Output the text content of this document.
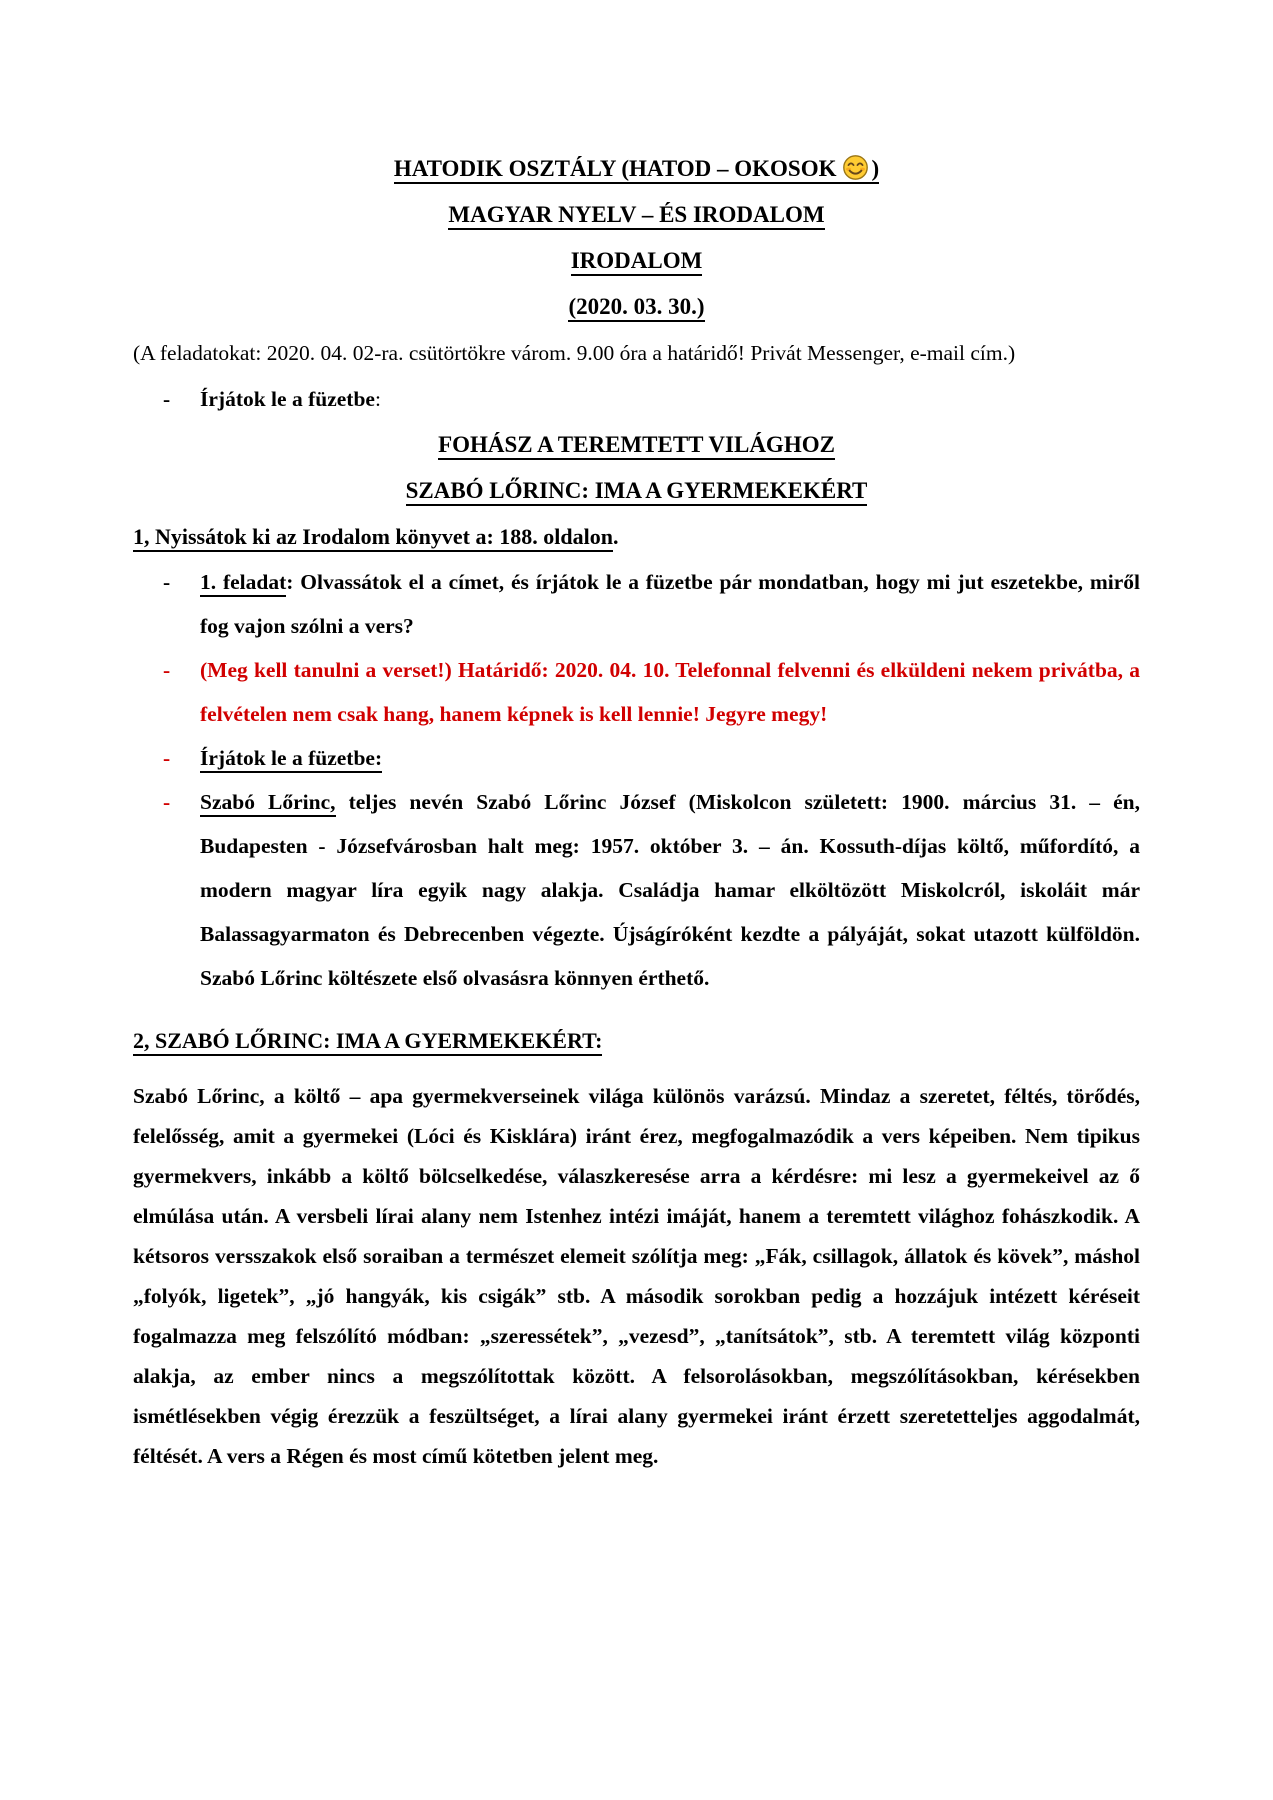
HATODIK OSZTÁLY (HATOD – OKOSOK )
MAGYAR NYELV – ÉS IRODALOM
IRODALOM
(2020. 03. 30.)
(A feladatokat: 2020. 04. 02-ra. csütörtökre várom. 9.00 óra a határidő! Privát Messenger, e-mail cím.)
- Írjátok le a füzetbe:
FOHÁSZ A TEREMTETT VILÁGHOZ
SZABÓ LŐRINC: IMA A GYERMEKEKÉRT
1, Nyissátok ki az Irodalom könyvet a: 188. oldalon.
- 1. feladat: Olvassátok el a címet, és írjátok le a füzetbe pár mondatban, hogy mi jut eszetekbe, miről fog vajon szólni a vers?
- (Meg kell tanulni a verset!) Határidő: 2020. 04. 10. Telefonnal felvenni és elküldeni nekem privátba, a felvételen nem csak hang, hanem képnek is kell lennie! Jegyre megy!
- Írjátok le a füzetbe:
- Szabó Lőrinc, teljes nevén Szabó Lőrinc József (Miskolcon született: 1900. március 31. – én, Budapesten - Józsefvárosban halt meg: 1957. október 3. – án. Kossuth-díjas költő, műfordító, a modern magyar líra egyik nagy alakja. Családja hamar elköltözött Miskolcról, iskoláit már Balassagyarmaton és Debrecenben végezte. Újságíróként kezdte a pályáját, sokat utazott külföldön. Szabó Lőrinc költészete első olvasásra könnyen érthető.
2, SZABÓ LŐRINC: IMA A GYERMEKEKÉRT:
Szabó Lőrinc, a költő – apa gyermekverseinek világa különös varázsú. Mindaz a szeretet, féltés, törődés, felelősség, amit a gyermekei (Lóci és Kisklára) iránt érez, megfogalmazódik a vers képeiben. Nem tipikus gyermekvers, inkább a költő bölcselkedése, válaszkeresése arra a kérdésre: mi lesz a gyermekeivel az ő elmúlása után. A versbeli lírai alany nem Istenhez intézi imáját, hanem a teremtett világhoz fohászkodik. A kétsoros versszakok első soraiban a természet elemeit szólítja meg: „Fák, csillagok, állatok és kövek”, máshol „folyók, ligetek”, „jó hangyák, kis csigák” stb. A második sorokban pedig a hozzájuk intézett kéréseit fogalmazza meg felszólító módban: „szeressétek”, „vezesd”, „tanítsátok”, stb. A teremtett világ központi alakja, az ember nincs a megszólítottak között. A felsorolásokban, megszólításokban, kérésekben ismétlésekben végig érezzük a feszültséget, a lírai alany gyermekei iránt érzett szeretetteljes aggodalmát, féltését. A vers a Régen és most című kötetben jelent meg.
